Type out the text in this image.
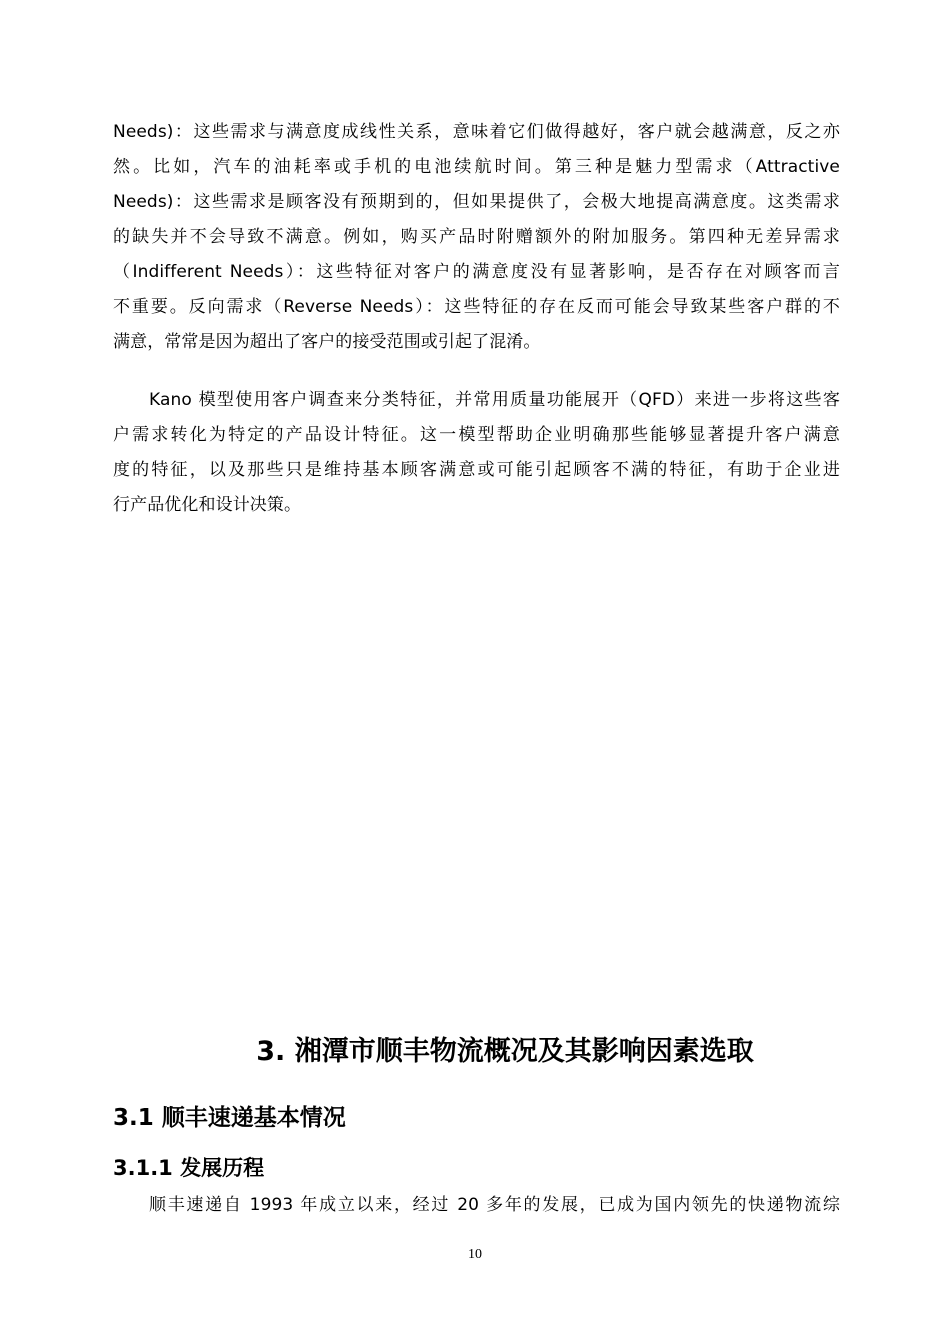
Needs)：这些需求与满意度成线性关系，意味着它们做得越好，客户就会越满意，反之亦
然。比如，汽车的油耗率或手机的电池续航时间。第三种是魅力型需求（Attractive
Needs)：这些需求是顾客没有预期到的，但如果提供了，会极大地提高满意度。这类需求
的缺失并不会导致不满意。例如，购买产品时附赠额外的附加服务。第四种无差异需求
（Indifferent Needs）：这些特征对客户的满意度没有显著影响，是否存在对顾客而言
不重要。反向需求（Reverse Needs）：这些特征的存在反而可能会导致某些客户群的不
满意，常常是因为超出了客户的接受范围或引起了混淆。
Kano 模型使用客户调查来分类特征，并常用质量功能展开（QFD）来进一步将这些客
户需求转化为特定的产品设计特征。这一模型帮助企业明确那些能够显著提升客户满意
度的特征，以及那些只是维持基本顾客满意或可能引起顾客不满的特征，有助于企业进
行产品优化和设计决策。
3. 湘潭市顺丰物流概况及其影响因素选取
3.1 顺丰速递基本情况
3.1.1 发展历程
顺丰速递自 1993 年成立以来，经过 20 多年的发展，已成为国内领先的快递物流综
10
